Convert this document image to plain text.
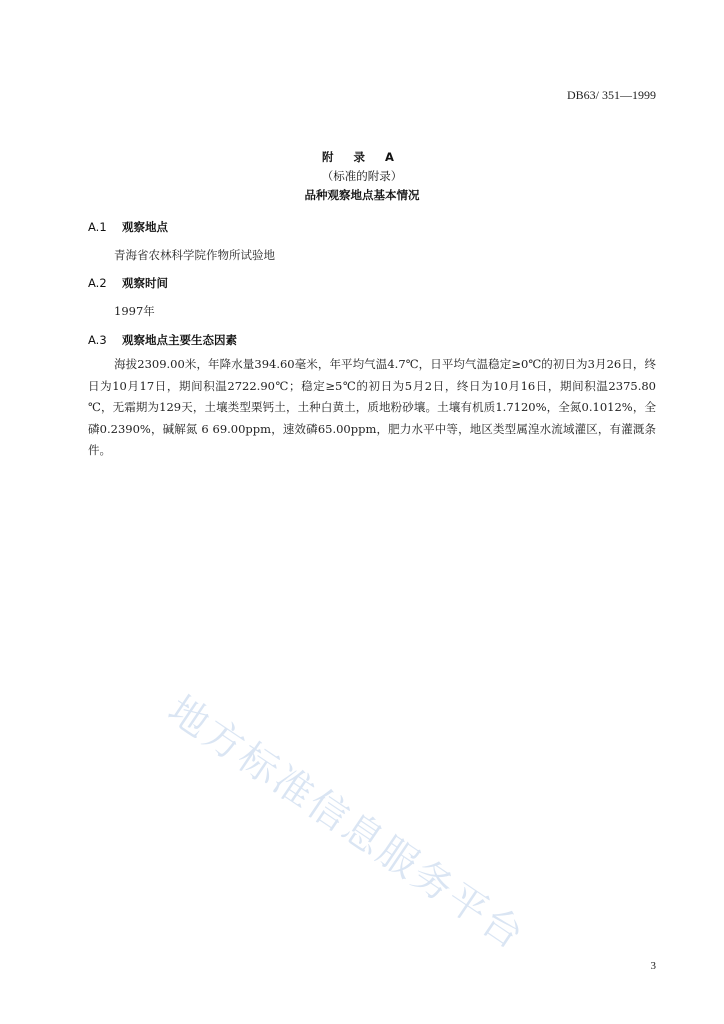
DB63/ 351—1999
附 录 A
（标准的附录）
品种观察地点基本情况
A.1 观察地点
青海省农林科学院作物所试验地
A.2 观察时间
1997年
A.3 观察地点主要生态因素
海拔2309.00米，年降水量394.60毫米，年平均气温4.7℃，日平均气温稳定≥0℃的初日为3月26日，终日为10月17日，期间积温2722.90℃；稳定≥5℃的初日为5月2日，终日为10月16日，期间积温2375.80 ℃，无霜期为129天，土壤类型栗钙土，土种白黄土，质地粉砂壤。土壤有机质1.7120%，全氮0.1012%，全磷0.2390%，碱解氮 6 69.00ppm，速效磷65.00ppm，肥力水平中等，地区类型属湟水流域灌区，有灌溉条件。
地方标准信息服务平台
3
